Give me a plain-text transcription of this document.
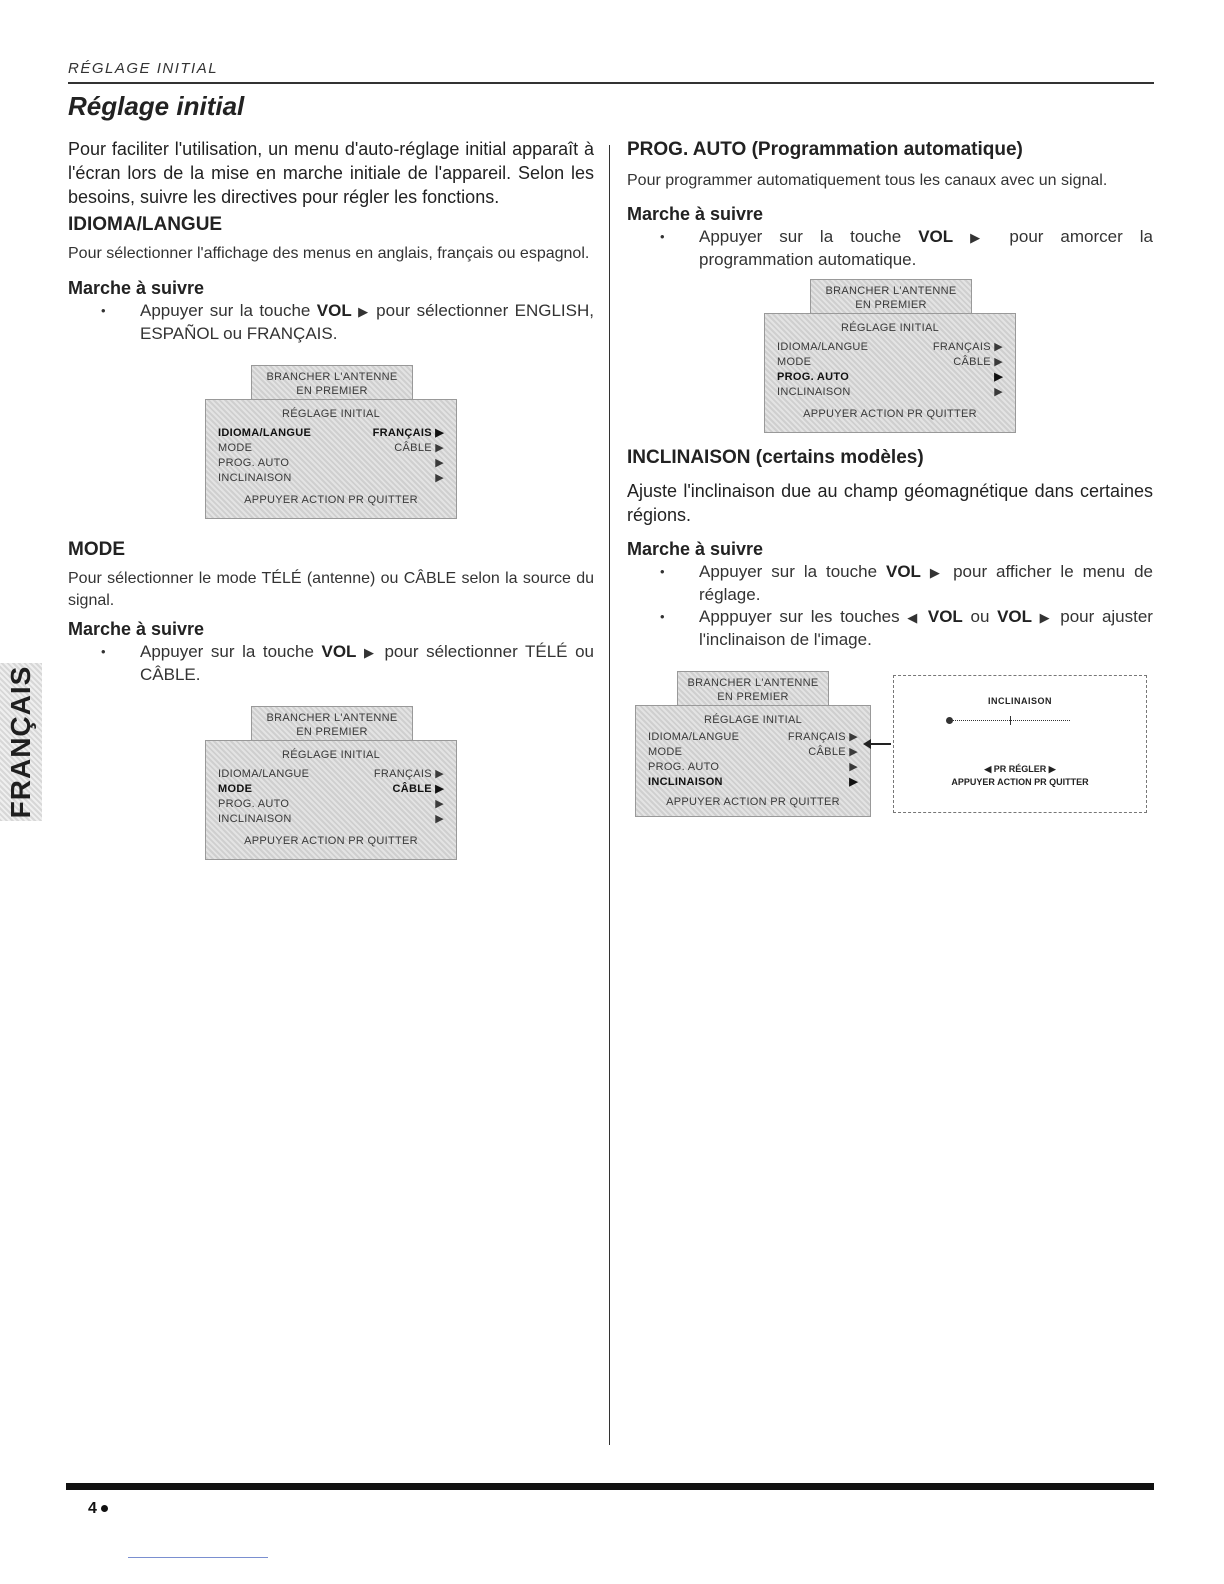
RÉGLAGE INITIAL
Réglage initial

Pour faciliter l'utilisation, un menu d'auto-réglage initial apparaît à l'écran lors de la mise en marche initiale de l'appareil. Selon les besoins, suivre les directives pour régler les fonctions.

IDIOMA/LANGUE

Pour sélectionner l'affichage des menus en anglais, français ou espagnol.

Marche à suivre
• Appuyer sur la touche VOL ▶ pour sélectionner ENGLISH, ESPAÑOL ou FRANÇAIS.
BRANCHER L'ANTENNE
EN PREMIER
RÉGLAGE INITIAL
IDIOMA/LANGUE	FRANÇAIS ▶
MODE	CÂBLE ▶
PROG. AUTO	▶
INCLINAISON	▶
APPUYER ACTION PR QUITTER
MODE

Pour sélectionner le mode TÉLÉ (antenne) ou CÂBLE selon la source du signal.

Marche à suivre
• Appuyer sur la touche VOL ▶ pour sélectionner TÉLÉ ou CÂBLE.
BRANCHER L'ANTENNE
EN PREMIER
RÉGLAGE INITIAL
IDIOMA/LANGUE	FRANÇAIS ▶
MODE	CÂBLE ▶
PROG. AUTO	▶
INCLINAISON	▶
APPUYER ACTION PR QUITTER
PROG. AUTO (Programmation automatique)

Pour programmer automatiquement tous les canaux avec un signal.

Marche à suivre
• Appuyer sur la touche VOL ▶ pour amorcer la programmation automatique.
BRANCHER L'ANTENNE
EN PREMIER
RÉGLAGE INITIAL
IDIOMA/LANGUE	FRANÇAIS ▶
MODE	CÂBLE ▶
PROG. AUTO	▶
INCLINAISON	▶
APPUYER ACTION PR QUITTER
INCLINAISON (certains modèles)

Ajuste l'inclinaison due au champ géomagnétique dans certaines régions.

Marche à suivre
• Appuyer sur la touche VOL ▶ pour afficher le menu de réglage.
• Apppuyer sur les touches ◀ VOL ou VOL ▶ pour ajuster l'inclinaison de l'image.
BRANCHER L'ANTENNE
EN PREMIER
RÉGLAGE INITIAL
IDIOMA/LANGUE	FRANÇAIS ▶
MODE	CÂBLE ▶
PROG. AUTO	▶
INCLINAISON	▶
APPUYER ACTION PR QUITTER
INCLINAISON
◀ PR RÉGLER ▶
APPUYER ACTION PR QUITTER
FRANÇAIS
4
